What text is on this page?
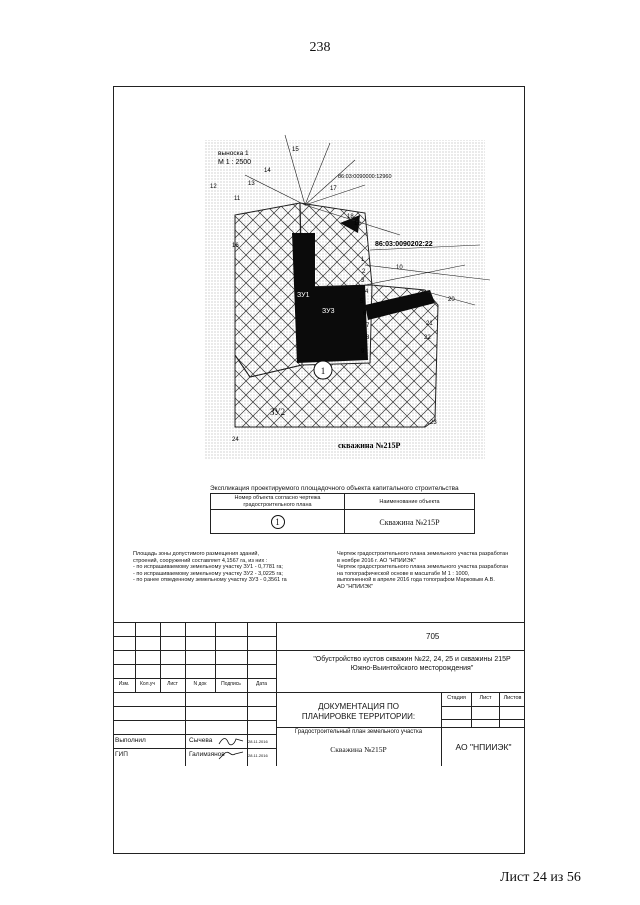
238
1
выноска 1
М 1 : 2500
86:03:0090000:12960
86:03:0090202:22
ЗУ1
ЗУ3
ЗУ2
скважина №215Р
1
2
3
4
5
6
7
8
9
10
11
12	13
14
15
16
17
18
19
20
21
22
23
24
Экспликация проектируемого площадочного объекта капитального строительства
Номер объекта согласно чертежа градостроительного плана
Наименование объекта
1	Скважина №215Р
Площадь зоны допустимого размещения зданий,
строений, сооружений составляет 4,1567 га, из них :
- по испрашиваемому земельному участку ЗУ1 - 0,7781 га;
- по испрашиваемому земельному участку ЗУ2 - 3,0225 га;
- по ранее отведенному земельному участку ЗУ3 - 0,3561 га
Чертеж градостроительного плана земельного участка разработан
в ноябре 2016 г. АО "НПИИЭК"
Чертеж градостроительного плана земельного участка разработан
на топографической основе в масштабе М 1 : 1000,
выполненной в апреле 2016 года топографом Марковым А.В.
АО "НПИИЭК"
705
"Обустройство кустов скважин №22, 24, 25 и скважины 215Р
Южно-Выинтойского месторождения"
ДОКУМЕНТАЦИЯ ПО
ПЛАНИРОВКЕ ТЕРРИТОРИИ:
Стадия	Лист	Листов
Градостроительный план земельного участка
Скважина №215Р	АО "НПИИЭК"
Изм.	Кол.уч	Лист	N док	Подпись	Дата
Выполнил	Сычева	28.11.2016
ГИП	Галимзянов	28.11.2016
Лист 24 из 56
